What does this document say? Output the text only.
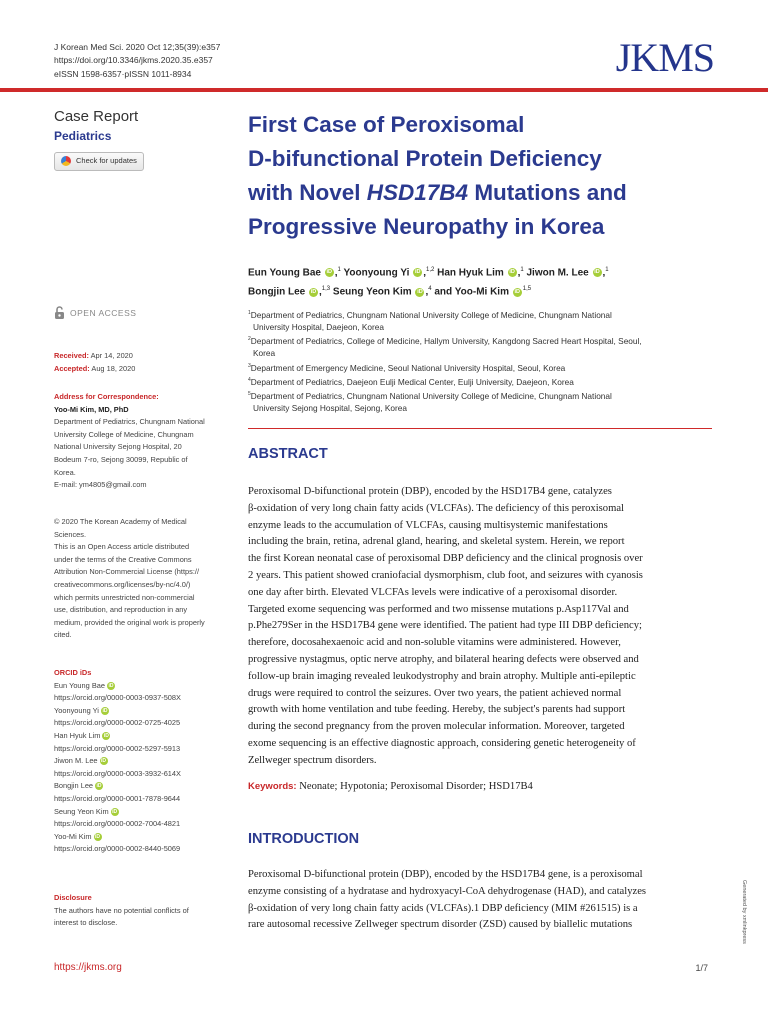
J Korean Med Sci. 2020 Oct 12;35(39):e357
https://doi.org/10.3346/jkms.2020.35.e357
eISSN 1598-6357·pISSN 1011-8934	JKMS
Case Report
Pediatrics
Check for updates
OPEN ACCESS
Received: Apr 14, 2020
Accepted: Aug 18, 2020
Address for Correspondence:
Yoo-Mi Kim, MD, PhD
Department of Pediatrics, Chungnam National
University College of Medicine, Chungnam
National University Sejong Hospital, 20
Bodeum 7-ro, Sejong 30099, Republic of
Korea.
E-mail: ym4805@gmail.com
© 2020 The Korean Academy of Medical
Sciences.
This is an Open Access article distributed
under the terms of the Creative Commons
Attribution Non-Commercial License (https://
creativecommons.org/licenses/by-nc/4.0/)
which permits unrestricted non-commercial
use, distribution, and reproduction in any
medium, provided the original work is properly
cited.
ORCID iDs
Eun Young Bae iD
https://orcid.org/0000-0003-0937-508X
Yoonyoung Yi iD
https://orcid.org/0000-0002-0725-4025
Han Hyuk Lim iD
https://orcid.org/0000-0002-5297-5913
Jiwon M. Lee iD
https://orcid.org/0000-0003-3932-614X
Bongjin Lee iD
https://orcid.org/0000-0001-7878-9644
Seung Yeon Kim iD
https://orcid.org/0000-0002-7004-4821
Yoo-Mi Kim iD
https://orcid.org/0000-0002-8440-5069
Disclosure
The authors have no potential conflicts of
interest to disclose.
First Case of Peroxisomal
D-bifunctional Protein Deficiency
with Novel HSD17B4 Mutations and
Progressive Neuropathy in Korea
Eun Young Bae iD ,$^1$ Yoonyoung Yi iD ,$^{1,2}$ Han Hyuk Lim iD ,$^1$ Jiwon M. Lee iD ,$^1$
Bongjin Lee iD ,$^{1,3}$ Seung Yeon Kim iD ,$^4$ and Yoo-Mi Kim iD $^{1,5}$
$^1$Department of Pediatrics, Chungnam National University College of Medicine, Chungnam National
University Hospital, Daejeon, Korea
$^2$Department of Pediatrics, College of Medicine, Hallym University, Kangdong Sacred Heart Hospital, Seoul,
Korea
$^3$Department of Emergency Medicine, Seoul National University Hospital, Seoul, Korea
$^4$Department of Pediatrics, Daejeon Eulji Medical Center, Eulji University, Daejeon, Korea
$^5$Department of Pediatrics, Chungnam National University College of Medicine, Chungnam National
University Sejong Hospital, Sejong, Korea
ABSTRACT
Peroxisomal D-bifunctional protein (DBP), encoded by the HSD17B4 gene, catalyzes
β-oxidation of very long chain fatty acids (VLCFAs). The deficiency of this peroxisomal
enzyme leads to the accumulation of VLCFAs, causing multisystemic manifestations
including the brain, retina, adrenal gland, hearing, and skeletal system. Herein, we report
the first Korean neonatal case of peroxisomal DBP deficiency and the clinical prognosis over
2 years. This patient showed craniofacial dysmorphism, club foot, and seizures with cyanosis
one day after birth. Elevated VLCFAs levels were indicative of a peroxisomal disorder.
Targeted exome sequencing was performed and two missense mutations p.Asp117Val and
p.Phe279Ser in the HSD17B4 gene were identified. The patient had type III DBP deficiency;
therefore, docosahexaenoic acid and non-soluble vitamins were administered. However,
progressive nystagmus, optic nerve atrophy, and bilateral hearing defects were observed and
follow-up brain imaging revealed leukodystrophy and brain atrophy. Multiple anti-epileptic
drugs were required to control the seizures. Over two years, the patient achieved normal
growth with home ventilation and tube feeding. Hereby, the subject's parents had support
during the second pregnancy from the proven molecular information. Moreover, targeted
exome sequencing is an effective diagnostic approach, considering genetic heterogeneity of
Zellweger spectrum disorders.
Keywords: Neonate; Hypotonia; Peroxisomal Disorder; HSD17B4
INTRODUCTION
Peroxisomal D-bifunctional protein (DBP), encoded by the HSD17B4 gene, is a peroxisomal
enzyme consisting of a hydratase and hydroxyacyl-CoA dehydrogenase (HAD), and catalyzes
β-oxidation of very long chain fatty acids (VLCFAs).1 DBP deficiency (MIM #261515) is a
rare autosomal recessive Zellweger spectrum disorder (ZSD) caused by biallelic mutations	Generated by xmlinkpress
https://jkms.org	1/7
